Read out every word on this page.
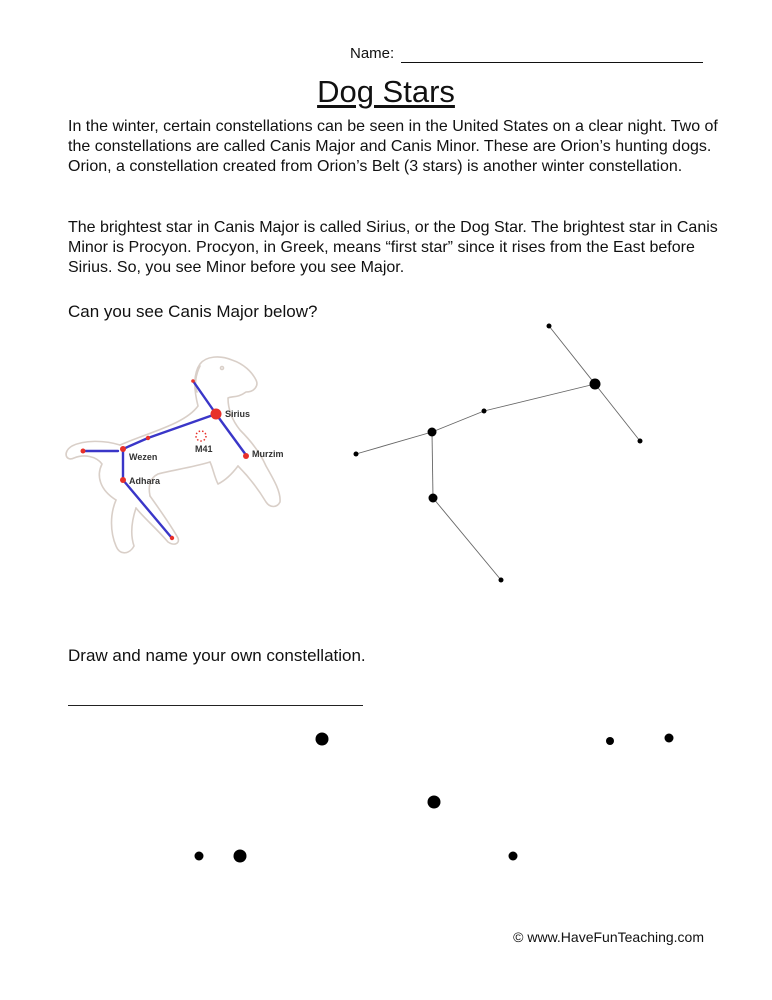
Name:
Dog Stars
In the winter, certain constellations can be seen in the United States on a clear night. Two of the constellations are called Canis Major and Canis Minor. These are Orion’s hunting dogs. Orion, a constellation created from Orion’s Belt (3 stars) is another winter constellation.
The brightest star in Canis Major is called Sirius, or the Dog Star. The brightest star in Canis Minor is Procyon. Procyon, in Greek, means “first star” since it rises from the East before Sirius. So, you see Minor before you see Major.
Can you see Canis Major below?
Sirius
Wezen
Adhara
Murzim
M41
Draw and name your own constellation.
© www.HaveFunTeaching.com
